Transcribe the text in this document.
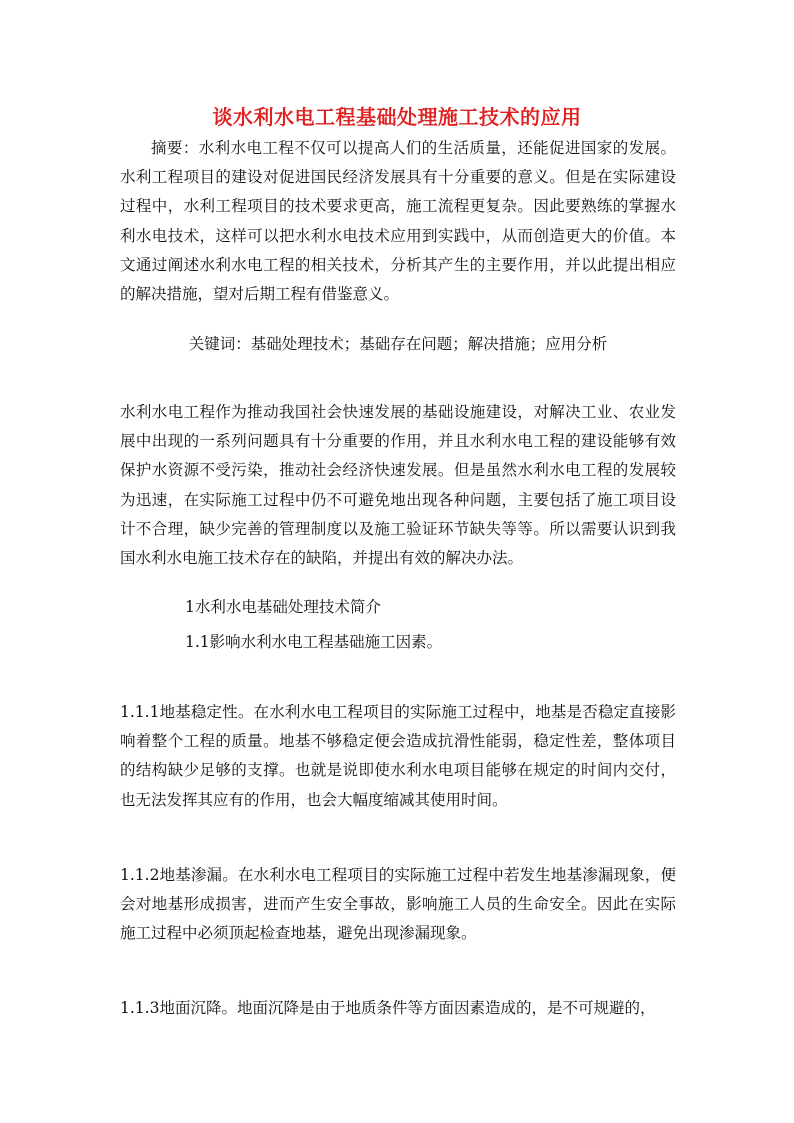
谈水利水电工程基础处理施工技术的应用

摘要：水利水电工程不仅可以提高人们的生活质量，还能促进国家的发展。水利工程项目的建设对促进国民经济发展具有十分重要的意义。但是在实际建设过程中，水利工程项目的技术要求更高，施工流程更复杂。因此要熟练的掌握水利水电技术，这样可以把水利水电技术应用到实践中，从而创造更大的价值。本文通过阐述水利水电工程的相关技术，分析其产生的主要作用，并以此提出相应的解决措施，望对后期工程有借鉴意义。

关键词：基础处理技术；基础存在问题；解决措施；应用分析

水利水电工程作为推动我国社会快速发展的基础设施建设，对解决工业、农业发展中出现的一系列问题具有十分重要的作用，并且水利水电工程的建设能够有效保护水资源不受污染，推动社会经济快速发展。但是虽然水利水电工程的发展较为迅速，在实际施工过程中仍不可避免地出现各种问题，主要包括了施工项目设计不合理，缺少完善的管理制度以及施工验证环节缺失等等。所以需要认识到我国水利水电施工技术存在的缺陷，并提出有效的解决办法。

1水利水电基础处理技术简介
1.1影响水利水电工程基础施工因素。

1.1.1地基稳定性。在水利水电工程项目的实际施工过程中，地基是否稳定直接影响着整个工程的质量。地基不够稳定便会造成抗滑性能弱，稳定性差，整体项目的结构缺少足够的支撑。也就是说即使水利水电项目能够在规定的时间内交付，也无法发挥其应有的作用，也会大幅度缩减其使用时间。

1.1.2地基渗漏。在水利水电工程项目的实际施工过程中若发生地基渗漏现象，便会对地基形成损害，进而产生安全事故，影响施工人员的生命安全。因此在实际施工过程中必须顶起检查地基，避免出现渗漏现象。

1.1.3地面沉降。地面沉降是由于地质条件等方面因素造成的，是不可规避的，
